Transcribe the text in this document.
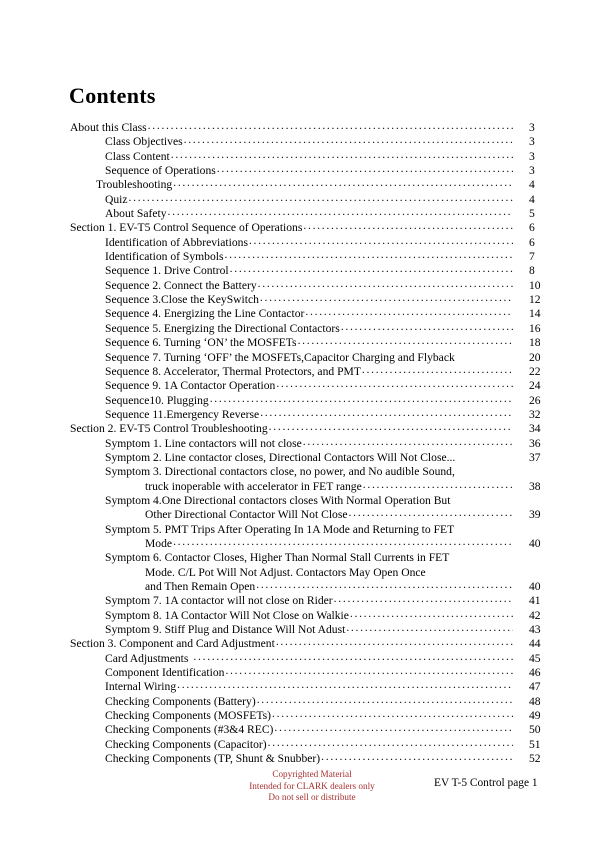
Contents
About this Class . . .	3
Class Objectives . . .	3
Class Content . . .	3
Sequence of Operations . . .	3
Troubleshooting . . .	4
Quiz . . .	4
About Safety . . .	5
Section 1. EV-T5 Control Sequence of Operations . . .	6
Identification of Abbreviations . . .	6
Identification of Symbols . . .	7
Sequence 1. Drive Control . . .	8
Sequence 2. Connect the Battery . . .	10
Sequence 3.Close the KeySwitch . . .	12
Sequence 4. Energizing the Line Contactor . . .	14
Sequence 5. Energizing the Directional Contactors . . .	16
Sequence 6. Turning ‘ON’ the MOSFETs . . .	18
Sequence 7. Turning ‘OFF’ the MOSFETs,Capacitor Charging and Flyback	20
Sequence 8. Accelerator, Thermal Protectors, and PMT . . .	22
Sequence 9. 1A Contactor Operation . . .	24
Sequence10. Plugging . . .	26
Sequence 11.Emergency Reverse . . .	32
Section 2. EV-T5 Control Troubleshooting . . .	34
Symptom 1. Line contactors will not close . . .	36
Symptom 2. Line contactor closes, Directional Contactors Will Not Close...	37
Symptom 3. Directional contactors close, no power, and No audible Sound,
truck inoperable with accelerator in FET range . . .	38
Symptom 4.One Directional contactors closes With Normal Operation But
Other Directional Contactor Will Not Close . . .	39
Symptom 5. PMT Trips After Operating In 1A Mode and Returning to FET
Mode . . .	40
Symptom 6. Contactor Closes, Higher Than Normal Stall Currents in FET
Mode. C/L Pot Will Not Adjust. Contactors May Open Once
and Then Remain Open . . .	40
Symptom 7. 1A contactor will not close on Rider . . .	41
Symptom 8. 1A Contactor Will Not Close on Walkie . . .	42
Symptom 9. Stiff Plug and Distance Will Not Adust . . .	43
Section 3. Component and Card Adjustment . . .	44
Card Adjustments . . .	45
Component Identification . . .	46
Internal Wiring . . .	47
Checking Components (Battery) . . .	48
Checking Components (MOSFETs) . . .	49
Checking Components (#3&4 REC) . . .	50
Checking Components (Capacitor) . . .	51
Checking Components (TP, Shunt & Snubber) . . .	52
Copyrighted Material
Intended for CLARK dealers only
Do not sell or distribute
EV T-5 Control page 1
